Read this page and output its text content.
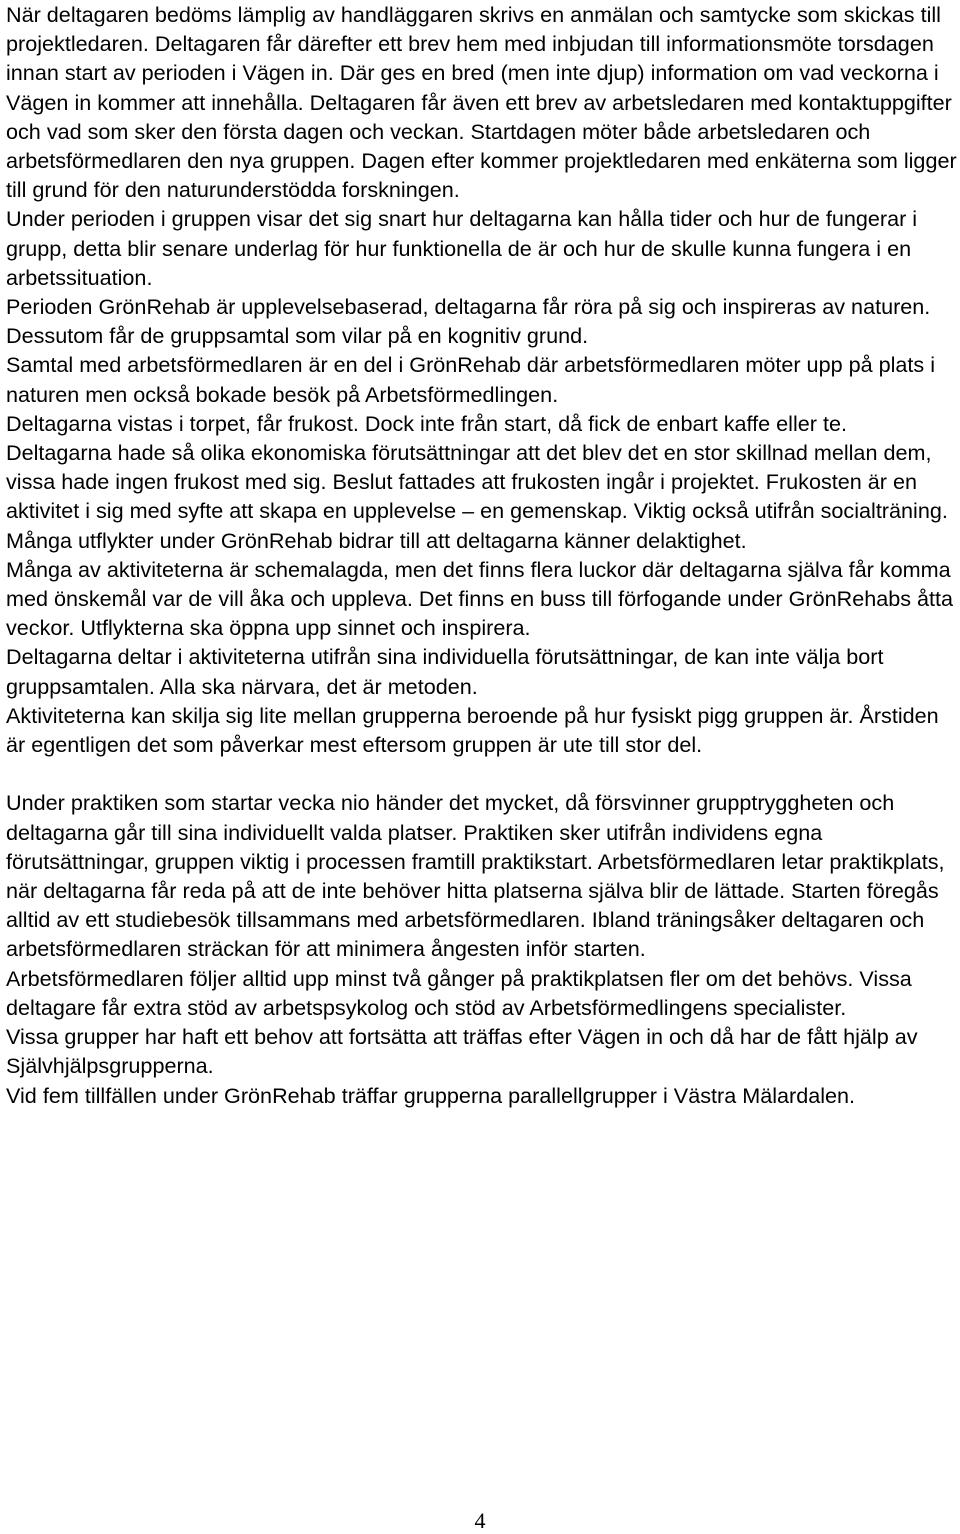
När deltagaren bedöms lämplig av handläggaren skrivs en anmälan och samtycke som skickas till projektledaren. Deltagaren får därefter ett brev hem med inbjudan till informationsmöte torsdagen innan start av perioden i Vägen in. Där ges en bred (men inte djup) information om vad veckorna i Vägen in kommer att innehålla. Deltagaren får även ett brev av arbetsledaren med kontaktuppgifter och vad som sker den första dagen och veckan. Startdagen möter både arbetsledaren och arbetsförmedlaren den nya gruppen. Dagen efter kommer projektledaren med enkäterna som ligger till grund för den naturunderstödda forskningen.

Under perioden i gruppen visar det sig snart hur deltagarna kan hålla tider och hur de fungerar i grupp, detta blir senare underlag för hur funktionella de är och hur de skulle kunna fungera i en arbetssituation.

Perioden GrönRehab är upplevelsebaserad, deltagarna får röra på sig och inspireras av naturen. Dessutom får de gruppsamtal som vilar på en kognitiv grund.

Samtal med arbetsförmedlaren är en del i GrönRehab där arbetsförmedlaren möter upp på plats i naturen men också bokade besök på Arbetsförmedlingen.

Deltagarna vistas i torpet, får frukost. Dock inte från start, då fick de enbart kaffe eller te. Deltagarna hade så olika ekonomiska förutsättningar att det blev det en stor skillnad mellan dem, vissa hade ingen frukost med sig. Beslut fattades att frukosten ingår i projektet. Frukosten är en aktivitet i sig med syfte att skapa en upplevelse – en gemenskap. Viktig också utifrån socialträning.

Många utflykter under GrönRehab bidrar till att deltagarna känner delaktighet.

Många av aktiviteterna är schemalagda, men det finns flera luckor där deltagarna själva får komma med önskemål var de vill åka och uppleva. Det finns en buss till förfogande under GrönRehabs åtta veckor. Utflykterna ska öppna upp sinnet och inspirera.

Deltagarna deltar i aktiviteterna utifrån sina individuella förutsättningar, de kan inte välja bort gruppsamtalen. Alla ska närvara, det är metoden.

Aktiviteterna kan skilja sig lite mellan grupperna beroende på hur fysiskt pigg gruppen är. Årstiden är egentligen det som påverkar mest eftersom gruppen är ute till stor del.

Under praktiken som startar vecka nio händer det mycket, då försvinner grupptryggheten och deltagarna går till sina individuellt valda platser. Praktiken sker utifrån individens egna förutsättningar, gruppen viktig i processen framtill praktikstart. Arbetsförmedlaren letar praktikplats, när deltagarna får reda på att de inte behöver hitta platserna själva blir de lättade. Starten föregås alltid av ett studiebesök tillsammans med arbetsförmedlaren. Ibland träningsåker deltagaren och arbetsförmedlaren sträckan för att minimera ångesten inför starten.

Arbetsförmedlaren följer alltid upp minst två gånger på praktikplatsen fler om det behövs. Vissa deltagare får extra stöd av arbetspsykolog och stöd av Arbetsförmedlingens specialister.

Vissa grupper har haft ett behov att fortsätta att träffas efter Vägen in och då har de fått hjälp av Självhjälpsgrupperna.

Vid fem tillfällen under GrönRehab träffar grupperna parallellgrupper i Västra Mälardalen.

4
